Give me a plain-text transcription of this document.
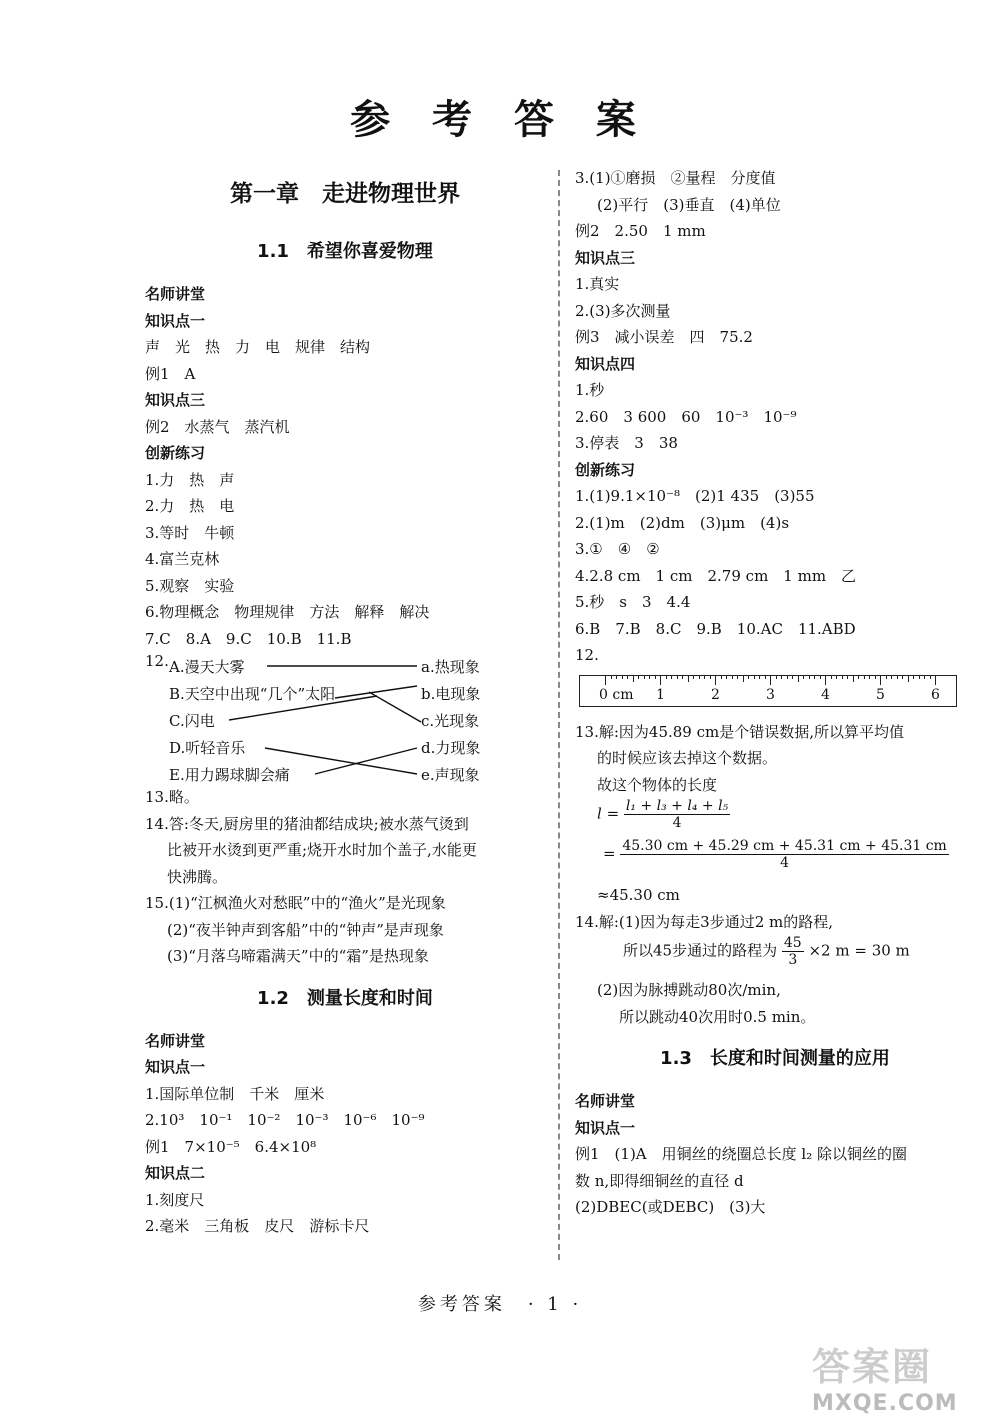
参 考 答 案
第一章　走进物理世界
1.1　希望你喜爱物理
名师讲堂
知识点一
声　光　热　力　电　规律　结构
例1　A
知识点三
例2　水蒸气　蒸汽机
创新练习
1.力　热　声
2.力　热　电
3.等时　牛顿
4.富兰克林
5.观察　实验
6.物理概念　物理规律　方法　解释　解决
7.C　8.A　9.C　10.B　11.B
12. A.漫天大雾
B.天空中出现“几个”太阳
C.闪电
D.听轻音乐
E.用力踢球脚会痛
a.热现象
b.电现象
c.光现象
d.力现象
e.声现象
13.略。
14.答:冬天,厨房里的猪油都结成块;被水蒸气烫到
比被开水烫到更严重;烧开水时加个盖子,水能更
快沸腾。
15.(1)“江枫渔火对愁眠”中的“渔火”是光现象
(2)“夜半钟声到客船”中的“钟声”是声现象
(3)“月落乌啼霜满天”中的“霜”是热现象
1.2　测量长度和时间
名师讲堂
知识点一
1.国际单位制　千米　厘米
2.10³　10⁻¹　10⁻²　10⁻³　10⁻⁶　10⁻⁹
例1　7×10⁻⁵　6.4×10⁸
知识点二
1.刻度尺
2.毫米　三角板　皮尺　游标卡尺
3.(1)①磨损　②量程　分度值
(2)平行　(3)垂直　(4)单位
例2　2.50　1 mm
知识点三
1.真实
2.(3)多次测量
例3　减小误差　四　75.2
知识点四
1.秒
2.60　3 600　60　10⁻³　10⁻⁹
3.停表　3　38
创新练习
1.(1)9.1×10⁻⁸　(2)1 435　(3)55
2.(1)m　(2)dm　(3)μm　(4)s
3.①　④　②
4.2.8 cm　1 cm　2.79 cm　1 mm　乙
5.秒　s　3　4.4
6.B　7.B　8.C　9.B　10.AC　11.ABD
12.
0 cm 1	2	3	4	5	6
13.解:因为45.89 cm是个错误数据,所以算平均值
的时候应该去掉这个数据。
故这个物体的长度
$l = \frac{\text{l₁ + l₃ + l₄ + l₅}}{4}$
= $\frac{45.30 cm + 45.29 cm + 45.31 cm + 45.31 cm}{4}$
≈45.30 cm
14.解:(1)因为每走3步通过2 m的路程,
所以45步通过的路程为 $\frac{45}{3} \times 2$ m = 30 m
(2)因为脉搏跳动80次/min,
所以跳动40次用时0.5 min。
1.3　长度和时间测量的应用
名师讲堂
知识点一
例1　(1)A　用铜丝的绕圈总长度 l₂ 除以铜丝的圈
数 n,即得细铜丝的直径 d
(2)DBEC(或DEBC)　(3)大
参考答案　· 1 ·
答案圈
MXQE.COM
